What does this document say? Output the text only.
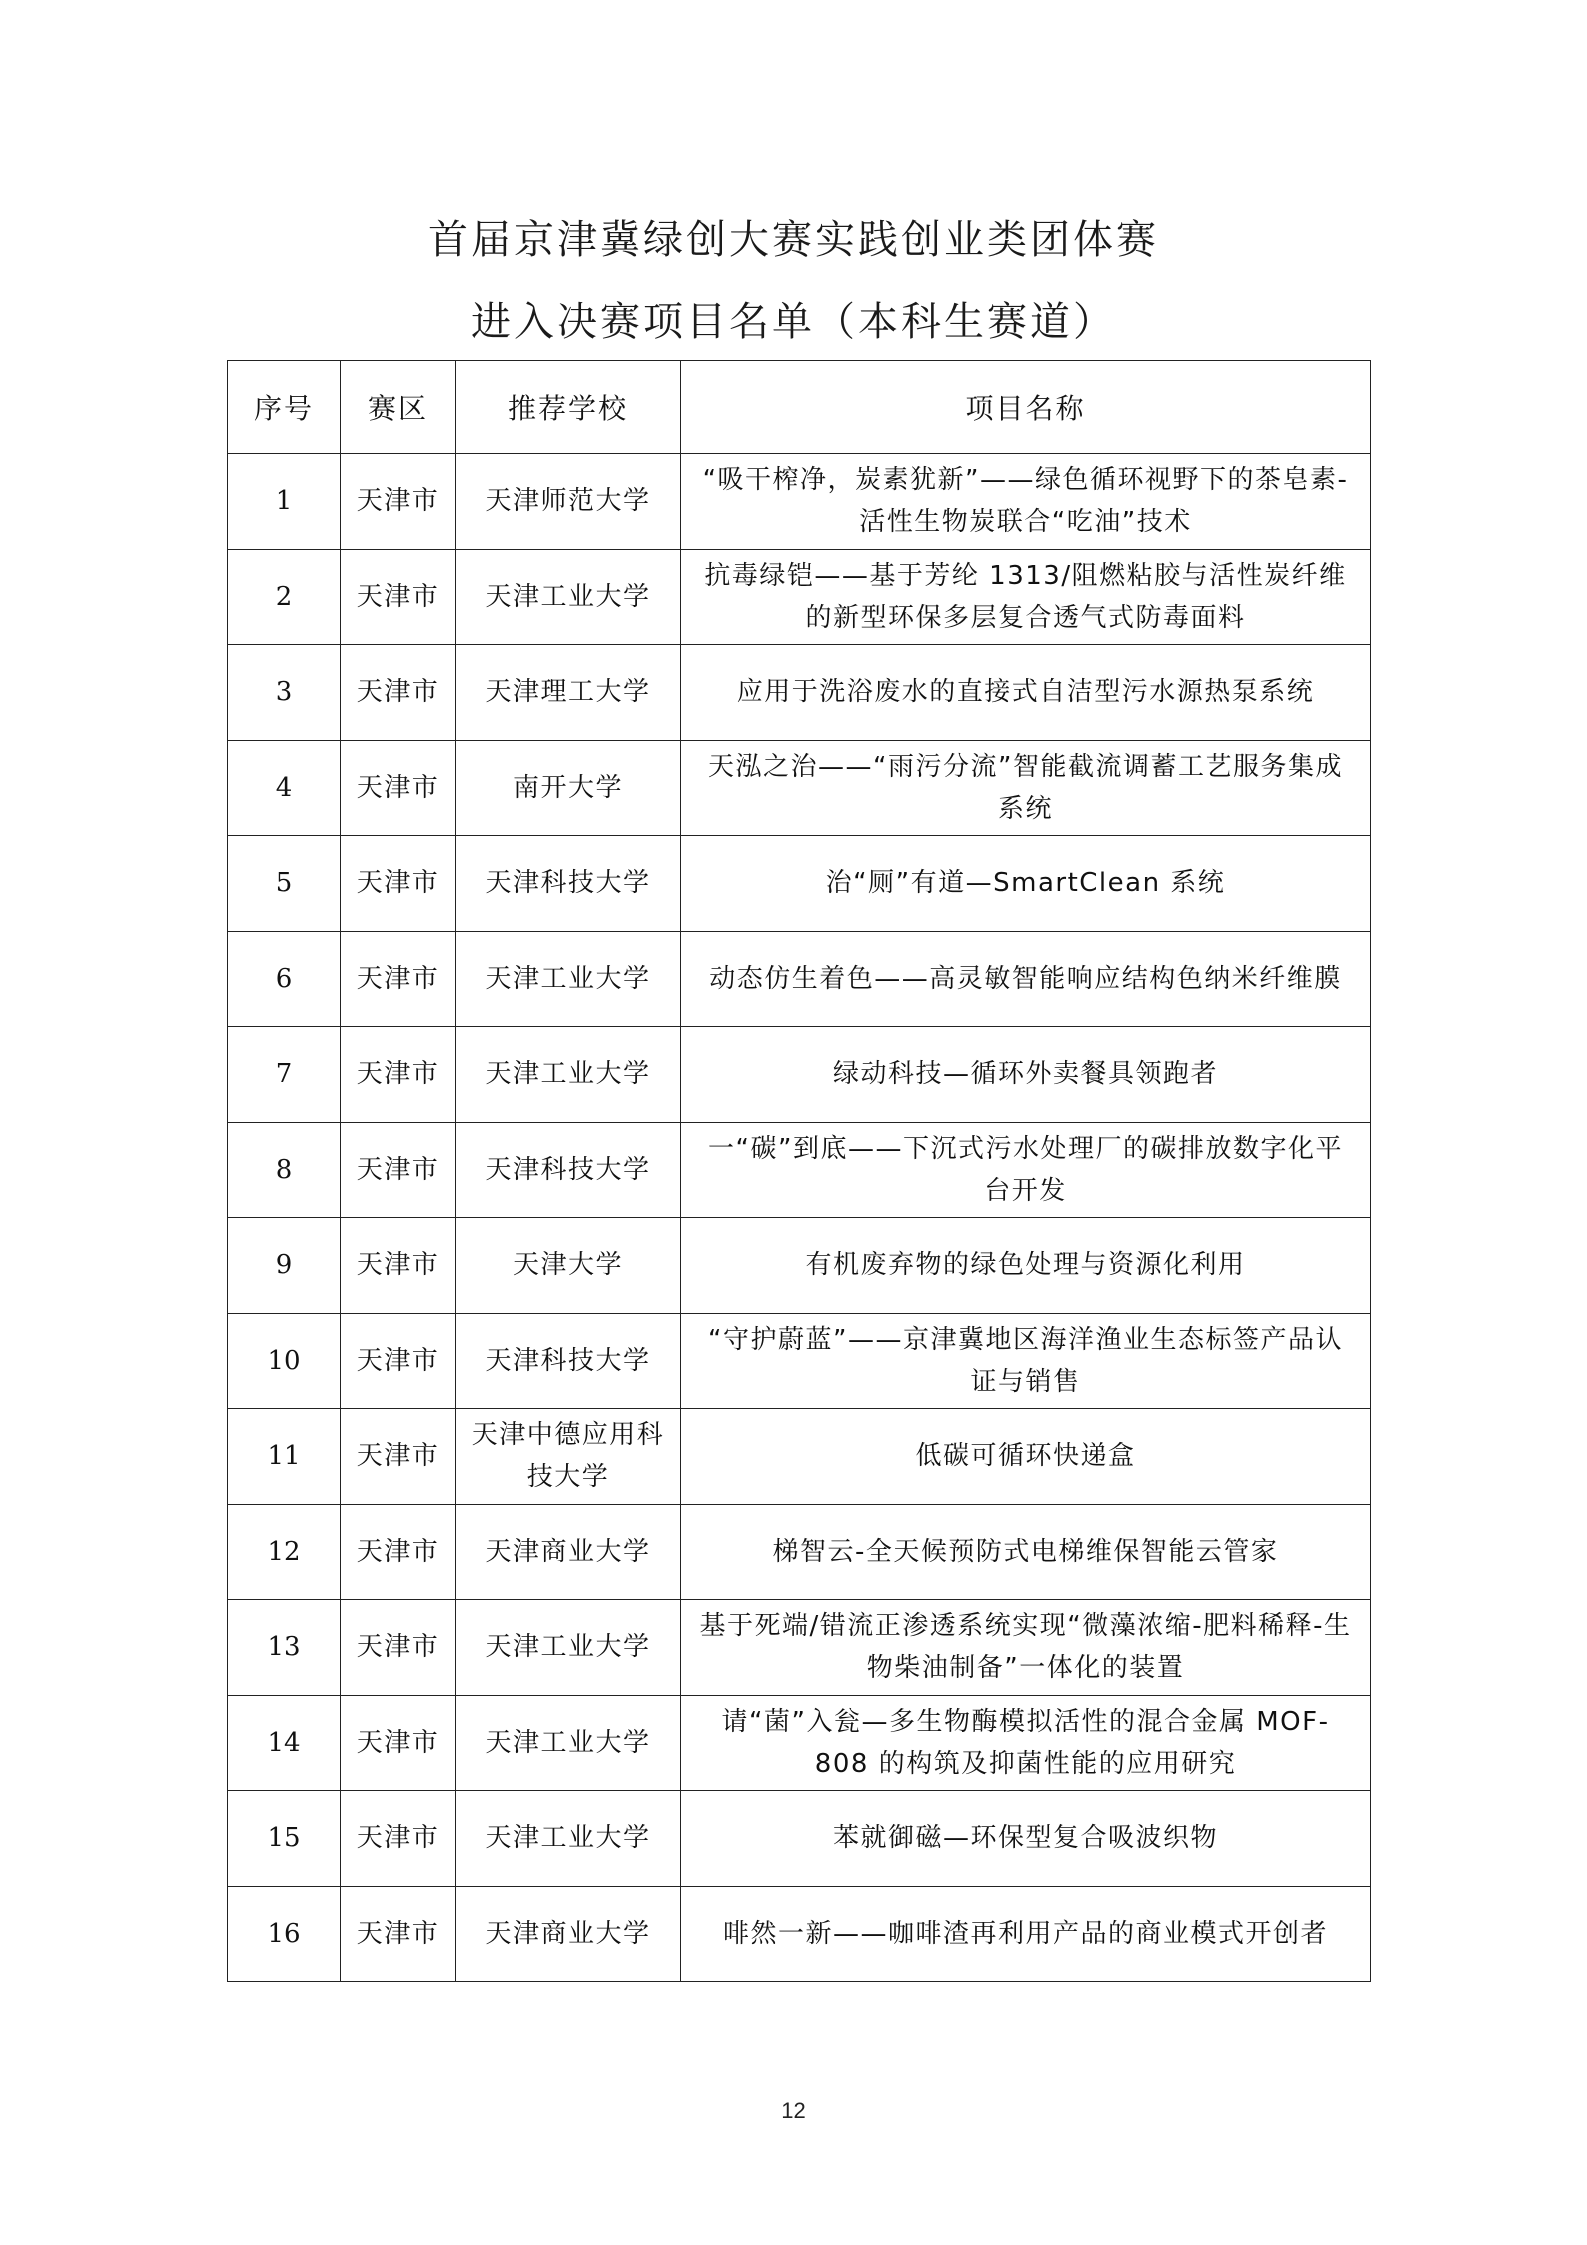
首届京津冀绿创大赛实践创业类团体赛
进入决赛项目名单（本科生赛道）
序号	赛区	推荐学校	项目名称
1	天津市	天津师范大学	“吸干榨净，炭素犹新”——绿色循环视野下的茶皂素-活性生物炭联合“吃油”技术
2	天津市	天津工业大学	抗毒绿铠——基于芳纶 1313/阻燃粘胶与活性炭纤维的新型环保多层复合透气式防毒面料
3	天津市	天津理工大学	应用于洗浴废水的直接式自洁型污水源热泵系统
4	天津市	南开大学	天泓之治——“雨污分流”智能截流调蓄工艺服务集成系统
5	天津市	天津科技大学	治“厕”有道—SmartClean 系统
6	天津市	天津工业大学	动态仿生着色——高灵敏智能响应结构色纳米纤维膜
7	天津市	天津工业大学	绿动科技—循环外卖餐具领跑者
8	天津市	天津科技大学	一“碳”到底——下沉式污水处理厂的碳排放数字化平台开发
9	天津市	天津大学	有机废弃物的绿色处理与资源化利用
10	天津市	天津科技大学	“守护蔚蓝”——京津冀地区海洋渔业生态标签产品认证与销售
11	天津市	天津中德应用科技大学	低碳可循环快递盒
12	天津市	天津商业大学	梯智云-全天候预防式电梯维保智能云管家
13	天津市	天津工业大学	基于死端/错流正渗透系统实现“微藻浓缩-肥料稀释-生物柴油制备”一体化的装置
14	天津市	天津工业大学	请“菌”入瓮—多生物酶模拟活性的混合金属 MOF-808 的构筑及抑菌性能的应用研究
15	天津市	天津工业大学	苯就御磁—环保型复合吸波织物
16	天津市	天津商业大学	啡然一新——咖啡渣再利用产品的商业模式开创者
12
